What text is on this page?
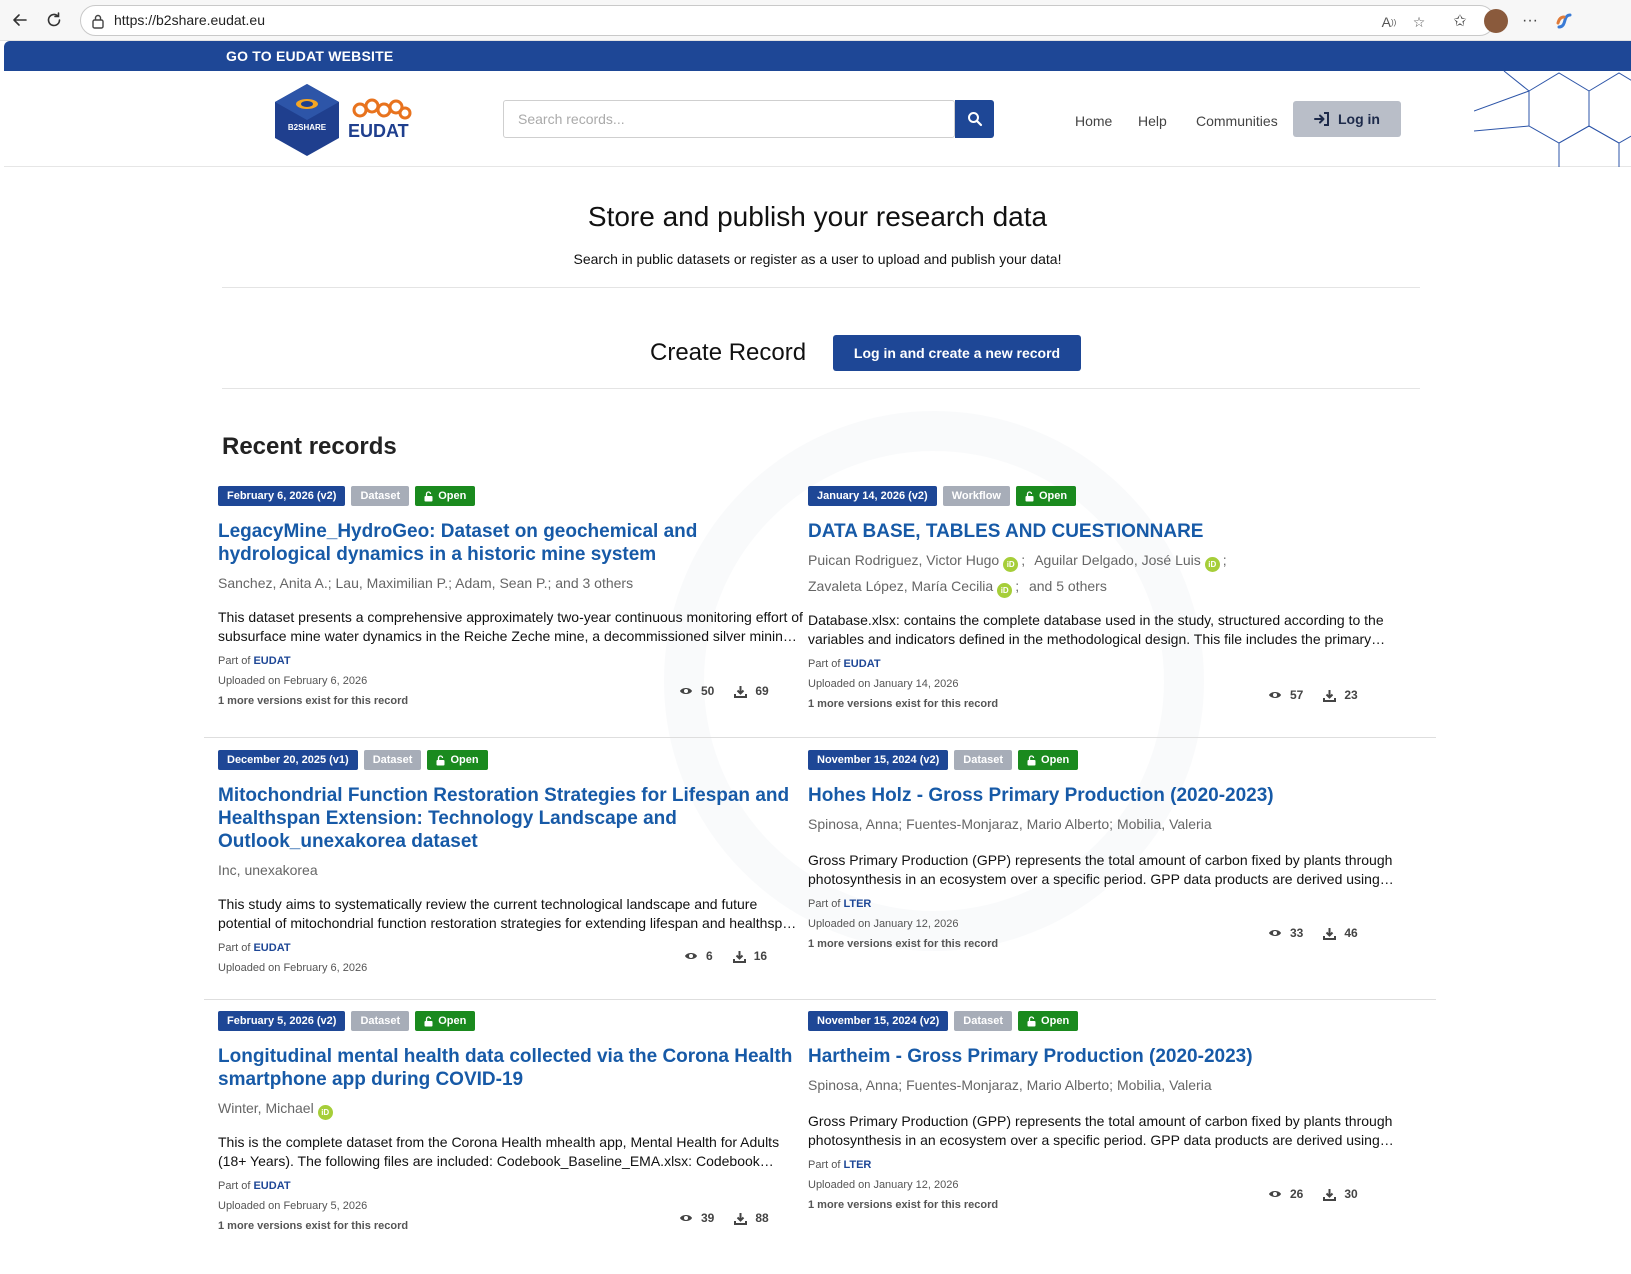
https://b2share.eudat.eu	A )) ☆	✩	···
GO TO EUDAT WEBSITE
B2SHARE EUDAT
Search records...	Home Help Communities	Log in
Store and publish your research data
Search in public datasets or register as a user to upload and publish your data!
Create Record	Log in and create a new record
Recent records
February 6, 2026 (v2)	Dataset	Open
LegacyMine_HydroGeo: Dataset on geochemical and hydrological dynamics in a historic mine system
Sanchez, Anita A.; Lau, Maximilian P.; Adam, Sean P.; and 3 others
This dataset presents a comprehensive approximately two-year continuous monitoring effort of subsurface mine water dynamics in the Reiche Zeche mine, a decommissioned silver minin…
Part of EUDAT
Uploaded on February 6, 2026
1 more versions exist for this record
50	69
January 14, 2026 (v2)	Workflow	Open
DATA BASE, TABLES AND CUESTIONNARE
Puican Rodriguez, Victor Hugo iD ; Aguilar Delgado, José Luis iD ;
Zavaleta López, María Cecilia iD ; and 5 others
Database.xlsx: contains the complete database used in the study, structured according to the variables and indicators defined in the methodological design. This file includes the primary…
Part of EUDAT
Uploaded on January 14, 2026
1 more versions exist for this record
57	23
December 20, 2025 (v1)	Dataset	Open
Mitochondrial Function Restoration Strategies for Lifespan and Healthspan Extension: Technology Landscape and Outlook_unexakorea dataset
Inc, unexakorea
This study aims to systematically review the current technological landscape and future potential of mitochondrial function restoration strategies for extending lifespan and healthsp…
Part of EUDAT
Uploaded on February 6, 2026
6	16
November 15, 2024 (v2)	Dataset	Open
Hohes Holz - Gross Primary Production (2020-2023)
Spinosa, Anna; Fuentes-Monjaraz, Mario Alberto; Mobilia, Valeria
Gross Primary Production (GPP) represents the total amount of carbon fixed by plants through photosynthesis in an ecosystem over a specific period. GPP data products are derived using…
Part of LTER
Uploaded on January 12, 2026
1 more versions exist for this record
33	46
February 5, 2026 (v2)	Dataset	Open
Longitudinal mental health data collected via the Corona Health smartphone app during COVID-19
Winter, Michael iD
This is the complete dataset from the Corona Health mhealth app, Mental Health for Adults (18+ Years). The following files are included: Codebook_Baseline_EMA.xlsx: Codebook…
Part of EUDAT
Uploaded on February 5, 2026
1 more versions exist for this record
39	88
November 15, 2024 (v2)	Dataset	Open
Hartheim - Gross Primary Production (2020-2023)
Spinosa, Anna; Fuentes-Monjaraz, Mario Alberto; Mobilia, Valeria
Gross Primary Production (GPP) represents the total amount of carbon fixed by plants through photosynthesis in an ecosystem over a specific period. GPP data products are derived using…
Part of LTER
Uploaded on January 12, 2026
1 more versions exist for this record
26	30
